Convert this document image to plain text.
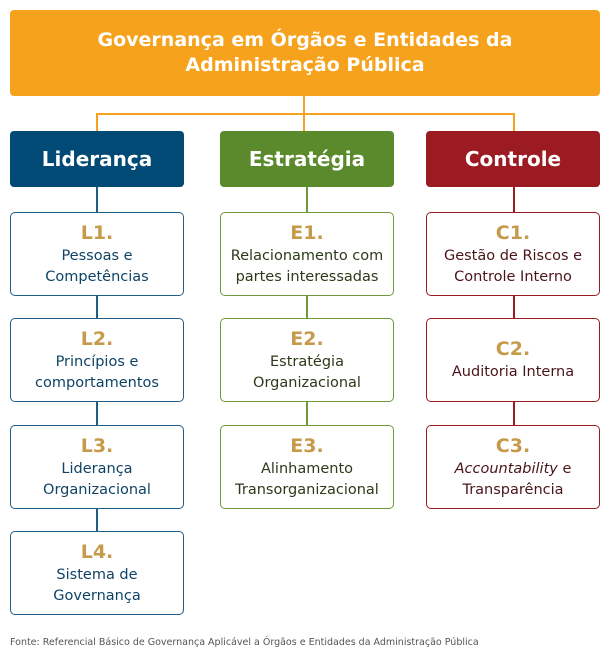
Governança em Órgãos e Entidades da
Administração Pública
Liderança	Estratégia	Controle
L1.
Pessoas e
Competências
L2.
Princípios e
comportamentos
L3.
Liderança
Organizacional
L4.
Sistema de
Governança
E1.
Relacionamento com
partes interessadas
E2.
Estratégia
Organizacional
E3.
Alinhamento
Transorganizacional
C1.
Gestão de Riscos e
Controle Interno
C2.
Auditoria Interna
C3.
Accountability e
Transparência
Fonte: Referencial Básico de Governança Aplicável a Órgãos e Entidades da Administração Pública
